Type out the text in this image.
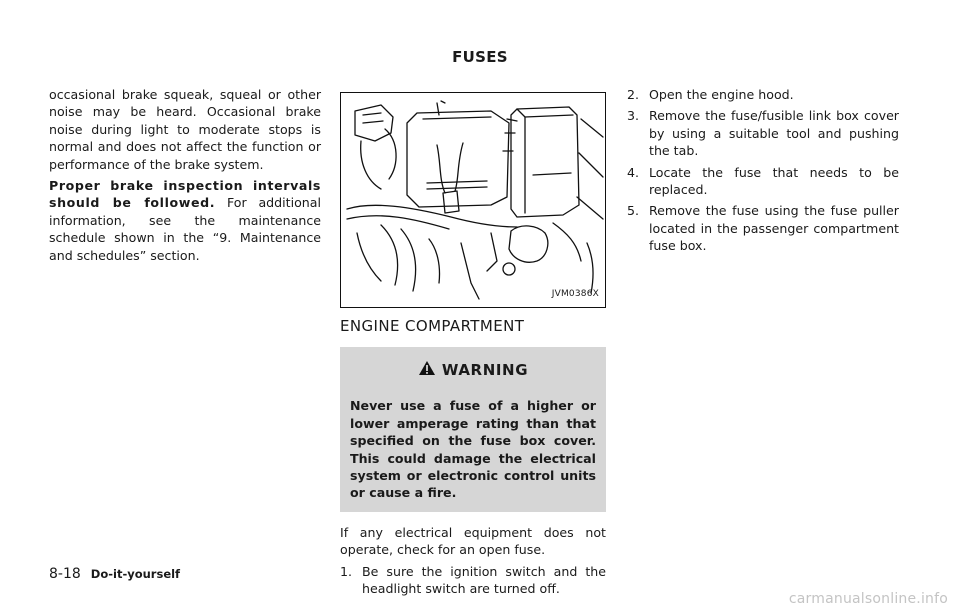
FUSES

occasional brake squeak, squeal or other noise may be heard. Occasional brake noise during light to moderate stops is normal and does not affect the function or performance of the brake system.

Proper brake inspection intervals should be followed. For additional information, see the maintenance schedule shown in the “9. Maintenance and schedules” section.

JVM0386X
ENGINE COMPARTMENT
WARNING
Never use a fuse of a higher or lower amperage rating than that specified on the fuse box cover. This could damage the electrical system or electronic control units or cause a fire.

If any electrical equipment does not operate, check for an open fuse.

1. Be sure the ignition switch and the headlight switch are turned off.
2. Open the engine hood.
3. Remove the fuse/fusible link box cover by using a suitable tool and pushing the tab.
4. Locate the fuse that needs to be replaced.
5. Remove the fuse using the fuse puller located in the passenger compartment fuse box.
8-18 Do-it-yourself
carmanualsonline.info
